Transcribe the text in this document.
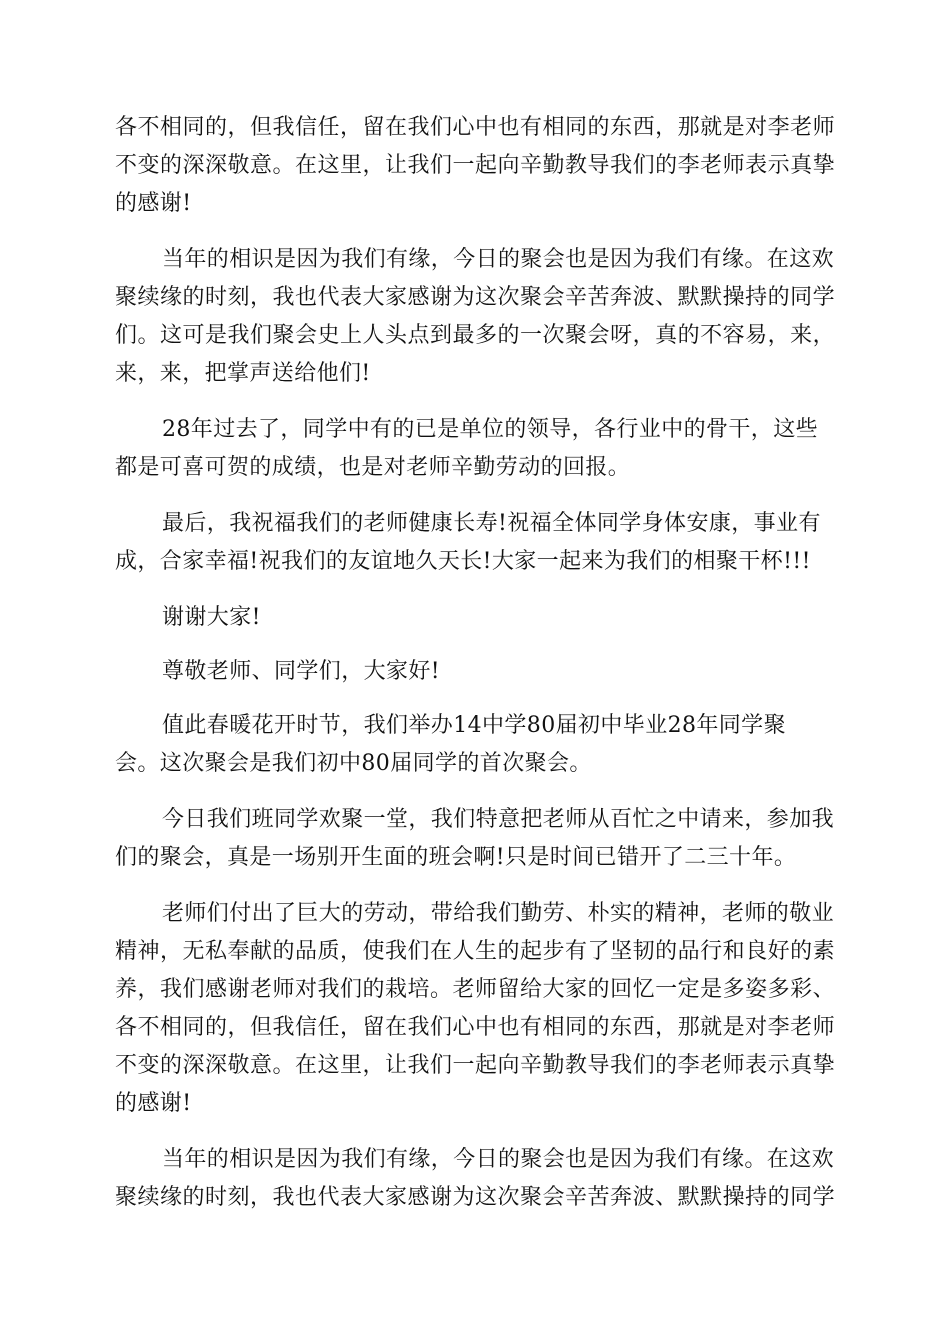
各不相同的，但我信任，留在我们心中也有相同的东西，那就是对李老师
不变的深深敬意。在这里，让我们一起向辛勤教导我们的李老师表示真挚
的感谢!
当年的相识是因为我们有缘，今日的聚会也是因为我们有缘。在这欢
聚续缘的时刻，我也代表大家感谢为这次聚会辛苦奔波、默默操持的同学
们。这可是我们聚会史上人头点到最多的一次聚会呀，真的不容易，来，
来，来，把掌声送给他们!
28年过去了，同学中有的已是单位的领导，各行业中的骨干，这些
都是可喜可贺的成绩，也是对老师辛勤劳动的回报。
最后，我祝福我们的老师健康长寿!祝福全体同学身体安康，事业有
成，合家幸福!祝我们的友谊地久天长!大家一起来为我们的相聚干杯!!!
谢谢大家!
尊敬老师、同学们，大家好!
值此春暖花开时节，我们举办14中学80届初中毕业28年同学聚
会。这次聚会是我们初中80届同学的首次聚会。
今日我们班同学欢聚一堂，我们特意把老师从百忙之中请来，参加我
们的聚会，真是一场别开生面的班会啊!只是时间已错开了二三十年。
老师们付出了巨大的劳动，带给我们勤劳、朴实的精神，老师的敬业
精神，无私奉献的品质，使我们在人生的起步有了坚韧的品行和良好的素
养，我们感谢老师对我们的栽培。老师留给大家的回忆一定是多姿多彩、
各不相同的，但我信任，留在我们心中也有相同的东西，那就是对李老师
不变的深深敬意。在这里，让我们一起向辛勤教导我们的李老师表示真挚
的感谢!
当年的相识是因为我们有缘，今日的聚会也是因为我们有缘。在这欢
聚续缘的时刻，我也代表大家感谢为这次聚会辛苦奔波、默默操持的同学
